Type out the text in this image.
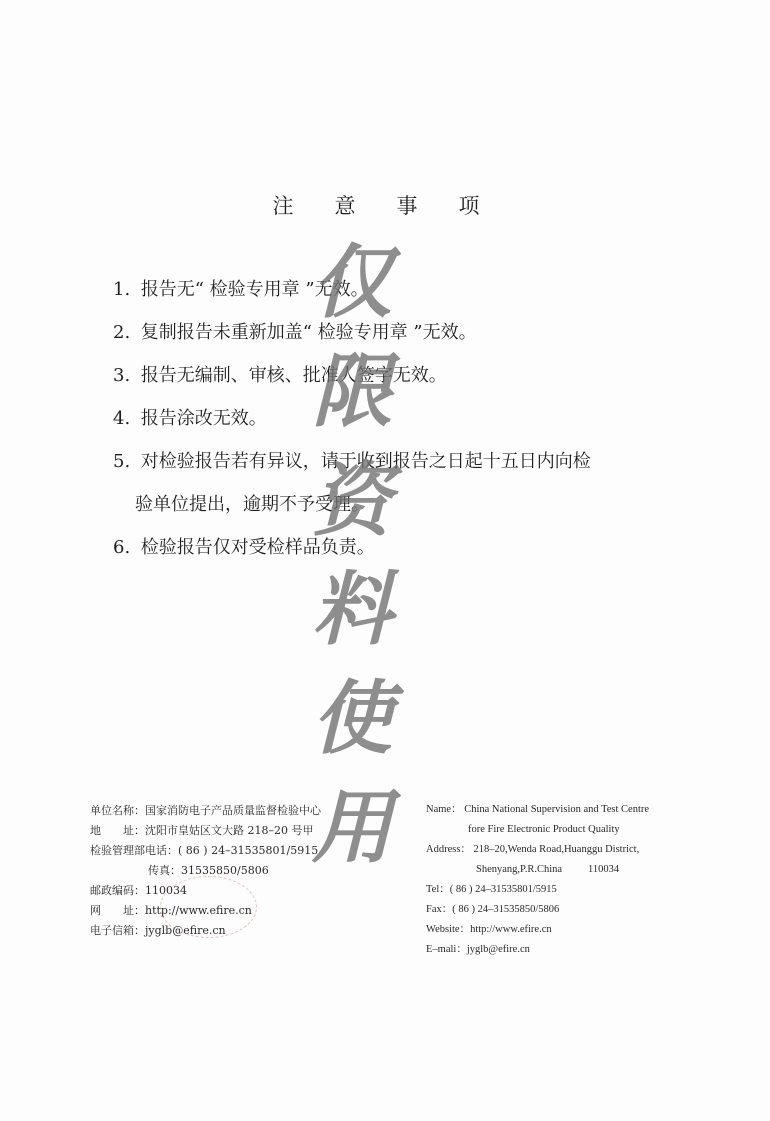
注 意 事 项
1. 报告无“ 检验专用章 ”无效。
2. 复制报告未重新加盖“ 检验专用章 ”无效。
3. 报告无编制、审核、批准人签字无效。
4. 报告涂改无效。
5. 对检验报告若有异议，请于收到报告之日起十五日内向检
验单位提出，逾期不予受理。
6. 检验报告仅对受检样品负责。
仅
限
资
料
使
用
单位名称：国家消防电子产品质量监督检验中心
地　　址：沈阳市皇姑区文大路 218–20 号甲
检验管理部电话：( 86 ) 24–31535801/5915
传真：31535850/5806
邮政编码：110034
网　　址：http://www.efire.cn
电子信箱：jyglb@efire.cn
Name： China National Supervision and Test Centre
fore Fire Electronic Product Quality
Address： 218–20,Wenda Road,Huanggu District,
Shenyang,P.R.China 110034
Tel：( 86 ) 24–31535801/5915
Fax：( 86 ) 24–31535850/5806
Website：http://www.efire.cn
E–mali：jyglb@efire.cn
